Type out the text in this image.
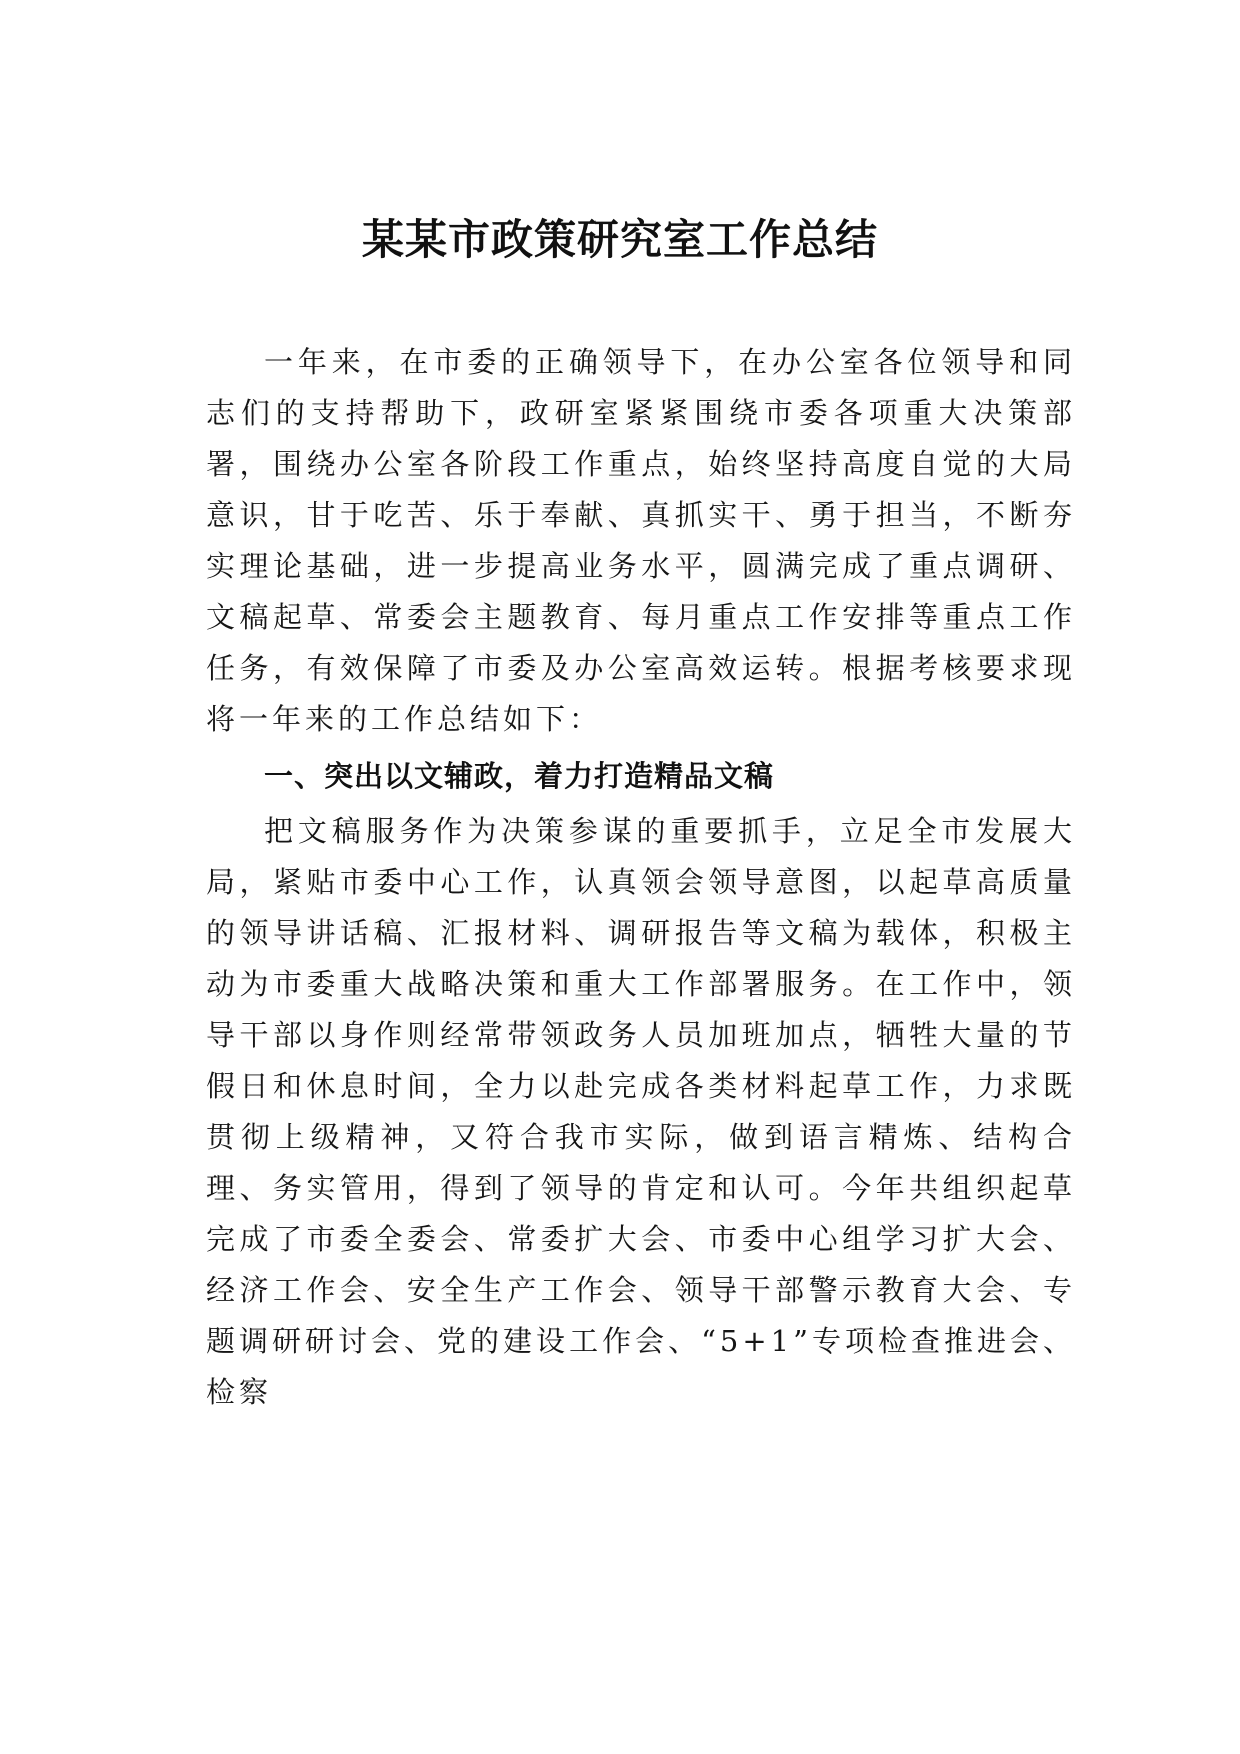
某某市政策研究室工作总结

一年来，在市委的正确领导下，在办公室各位领导和同志们的支持帮助下，政研室紧紧围绕市委各项重大决策部署，围绕办公室各阶段工作重点，始终坚持高度自觉的大局意识，甘于吃苦、乐于奉献、真抓实干、勇于担当，不断夯实理论基础，进一步提高业务水平，圆满完成了重点调研、文稿起草、常委会主题教育、每月重点工作安排等重点工作任务，有效保障了市委及办公室高效运转。根据考核要求现将一年来的工作总结如下：

一、突出以文辅政，着力打造精品文稿

把文稿服务作为决策参谋的重要抓手，立足全市发展大局，紧贴市委中心工作，认真领会领导意图，以起草高质量的领导讲话稿、汇报材料、调研报告等文稿为载体，积极主动为市委重大战略决策和重大工作部署服务。在工作中，领导干部以身作则经常带领政务人员加班加点，牺牲大量的节假日和休息时间，全力以赴完成各类材料起草工作，力求既贯彻上级精神，又符合我市实际，做到语言精炼、结构合理、务实管用，得到了领导的肯定和认可。今年共组织起草完成了市委全委会、常委扩大会、市委中心组学习扩大会、经济工作会、安全生产工作会、领导干部警示教育大会、专题调研研讨会、党的建设工作会、“5+1”专项检查推进会、检察
